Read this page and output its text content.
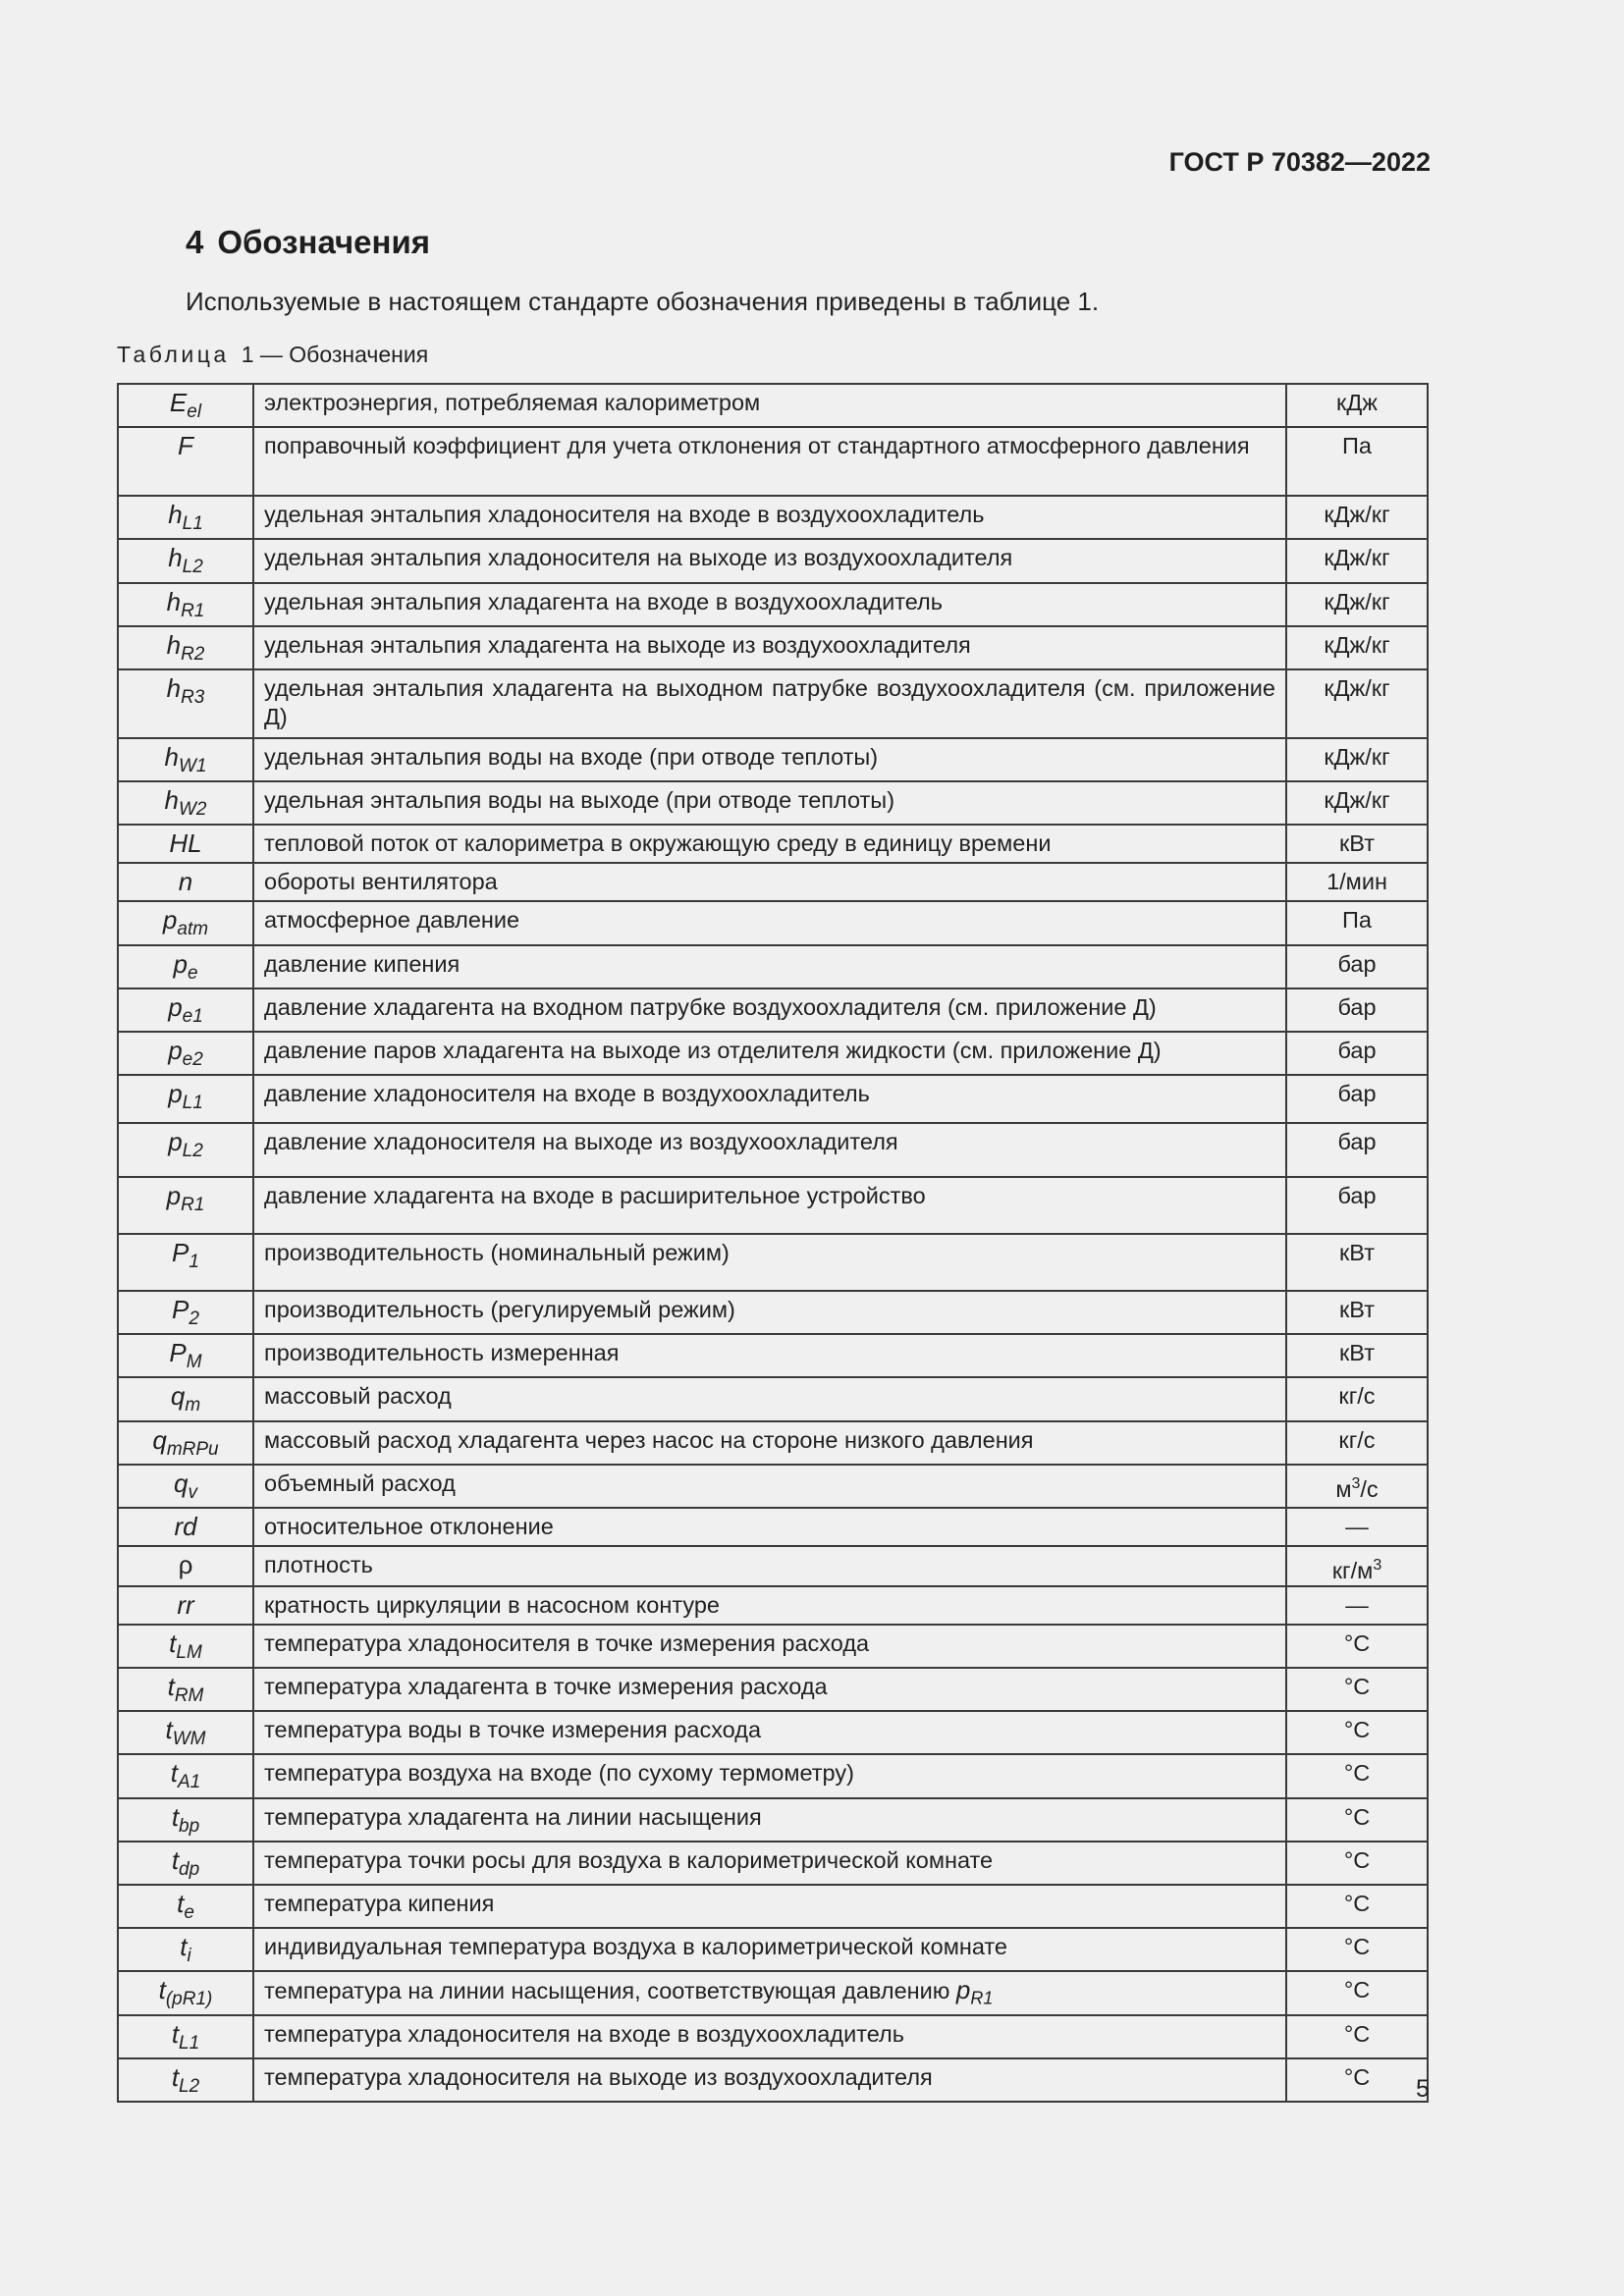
ГОСТ Р 70382—2022
4 Обозначения
Используемые в настоящем стандарте обозначения приведены в таблице 1.
Таблица 1 — Обозначения
$E_{el}$	электроэнергия, потребляемая калориметром	кДж
F	поправочный коэффициент для учета отклонения от стандартного атмосферного давления	Па
$h_{L1}$	удельная энтальпия хладоносителя на входе в воздухоохладитель	кДж/кг
$h_{L2}$	удельная энтальпия хладоносителя на выходе из воздухоохладителя	кДж/кг
$h_{R1}$	удельная энтальпия хладагента на входе в воздухоохладитель	кДж/кг
$h_{R2}$	удельная энтальпия хладагента на выходе из воздухоохладителя	кДж/кг
$h_{R3}$	удельная энтальпия хладагента на выходном патрубке воздухоохладителя (см. приложение Д)	кДж/кг
$h_{W1}$	удельная энтальпия воды на входе (при отводе теплоты)	кДж/кг
$h_{W2}$	удельная энтальпия воды на выходе (при отводе теплоты)	кДж/кг
HL	тепловой поток от калориметра в окружающую среду в единицу времени	кВт
n	обороты вентилятора	1/мин
$p_{atm}$	атмосферное давление	Па
$p_e$	давление кипения	бар
$p_{e1}$	давление хладагента на входном патрубке воздухоохладителя (см. приложение Д)	бар
$p_{e2}$	давление паров хладагента на выходе из отделителя жидкости (см. приложение Д)	бар
$p_{L1}$	давление хладоносителя на входе в воздухоохладитель	бар
$p_{L2}$	давление хладоносителя на выходе из воздухоохладителя	бар
$p_{R1}$	давление хладагента на входе в расширительное устройство	бар
$P_1$	производительность (номинальный режим)	кВт
$P_2$	производительность (регулируемый режим)	кВт
$P_M$	производительность измеренная	кВт
$q_m$	массовый расход	кг/с
$q_{mRPu}$	массовый расход хладагента через насос на стороне низкого давления	кг/с
$q_v$	объемный расход	$м^3/с$
rd	относительное отклонение	—
ρ	плотность	$кг/м^3$
rr	кратность циркуляции в насосном контуре	—
$t_{LM}$	температура хладоносителя в точке измерения расхода	°C
$t_{RM}$	температура хладагента в точке измерения расхода	°C
$t_{WM}$	температура воды в точке измерения расхода	°C
$t_{A1}$	температура воздуха на входе (по сухому термометру)	°C
$t_{bp}$	температура хладагента на линии насыщения	°C
$t_{dp}$	температура точки росы для воздуха в калориметрической комнате	°C
$t_e$	температура кипения	°C
$t_i$	индивидуальная температура воздуха в калориметрической комнате	°C
$t_{(pR1)}$	температура на линии насыщения, соответствующая давлению $p_{R1}$	°C
$t_{L1}$	температура хладоносителя на входе в воздухоохладитель	°C
$t_{L2}$	температура хладоносителя на выходе из воздухоохладителя	°C 5
